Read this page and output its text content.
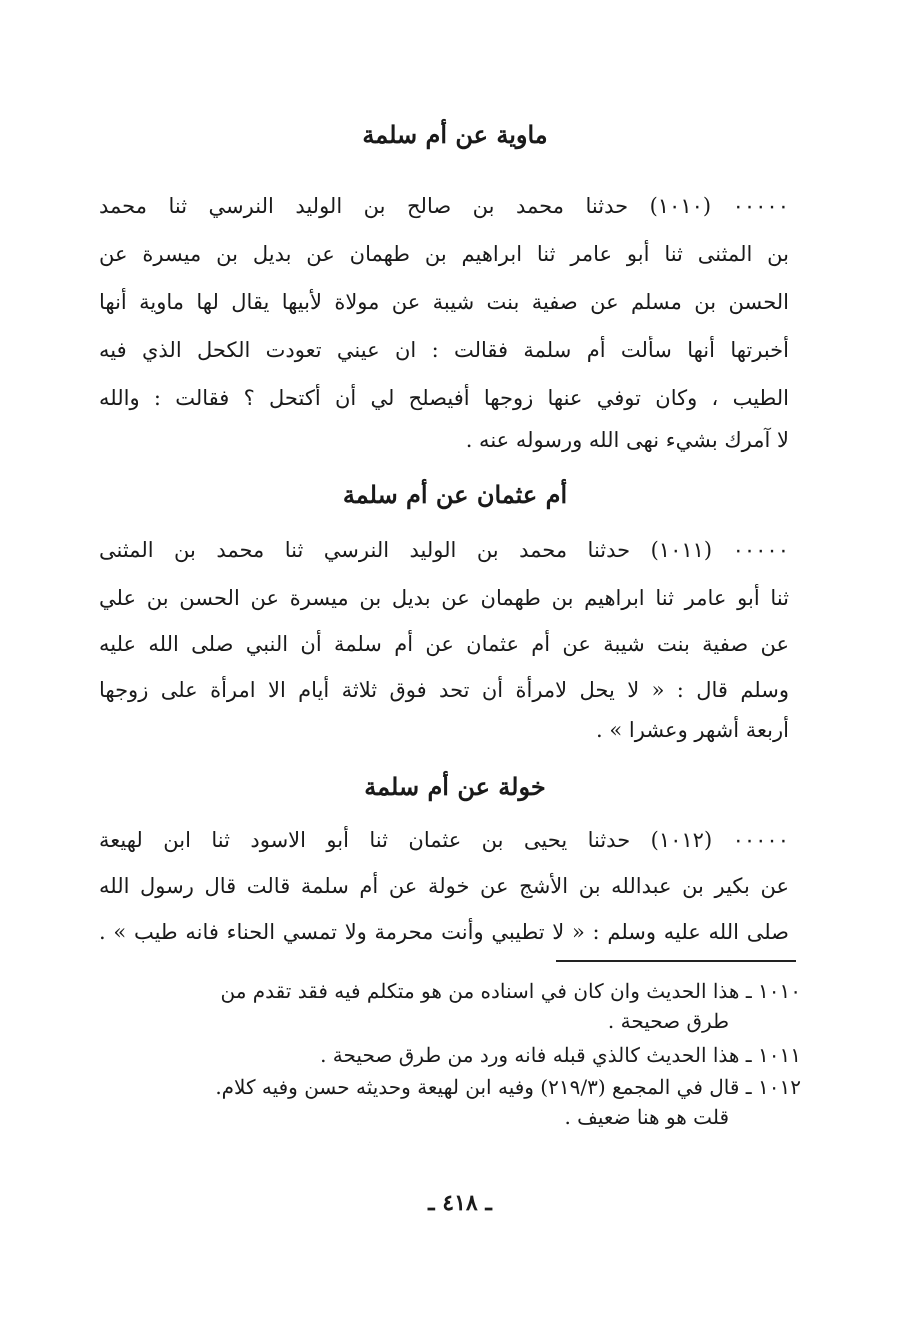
ماوية عن أم سلمة
٠٠٠٠٠ (١٠١٠) حدثنا محمد بن صالح بن الوليد النرسي ثنا محمد
بن المثنى ثنا أبو عامر ثنا ابراهيم بن طهمان عن بديل بن ميسرة عن
الحسن بن مسلم عن صفية بنت شيبة عن مولاة لأبيها يقال لها ماوية أنها
أخبرتها أنها سألت أم سلمة فقالت : ان عيني تعودت الكحل الذي فيه
الطيب ، وكان توفي عنها زوجها أفيصلح لي أن أكتحل ؟ فقالت : والله
لا آمرك بشيء نهى الله ورسوله عنه .
أم عثمان عن أم سلمة
٠٠٠٠٠ (١٠١١) حدثنا محمد بن الوليد النرسي ثنا محمد بن المثنى
ثنا أبو عامر ثنا ابراهيم بن طهمان عن بديل بن ميسرة عن الحسن بن علي
عن صفية بنت شيبة عن أم عثمان عن أم سلمة أن النبي صلى الله عليه
وسلم قال : « لا يحل لامرأة أن تحد فوق ثلاثة أيام الا امرأة على زوجها
أربعة أشهر وعشرا » .
خولة عن أم سلمة
٠٠٠٠٠ (١٠١٢) حدثنا يحيى بن عثمان ثنا أبو الاسود ثنا ابن لهيعة
عن بكير بن عبدالله بن الأشج عن خولة عن أم سلمة قالت قال رسول الله
صلى الله عليه وسلم : « لا تطيبي وأنت محرمة ولا تمسي الحناء فانه طيب » .
١٠١٠ ـ هذا الحديث وان كان في اسناده من هو متكلم فيه فقد تقدم من
طرق صحيحة .
١٠١١ ـ هذا الحديث كالذي قبله فانه ورد من طرق صحيحة .
١٠١٢ ـ قال في المجمع (٢١٩/٣) وفيه ابن لهيعة وحديثه حسن وفيه كلام.
قلت هو هنا ضعيف .
ـ ٤١٨ ـ
